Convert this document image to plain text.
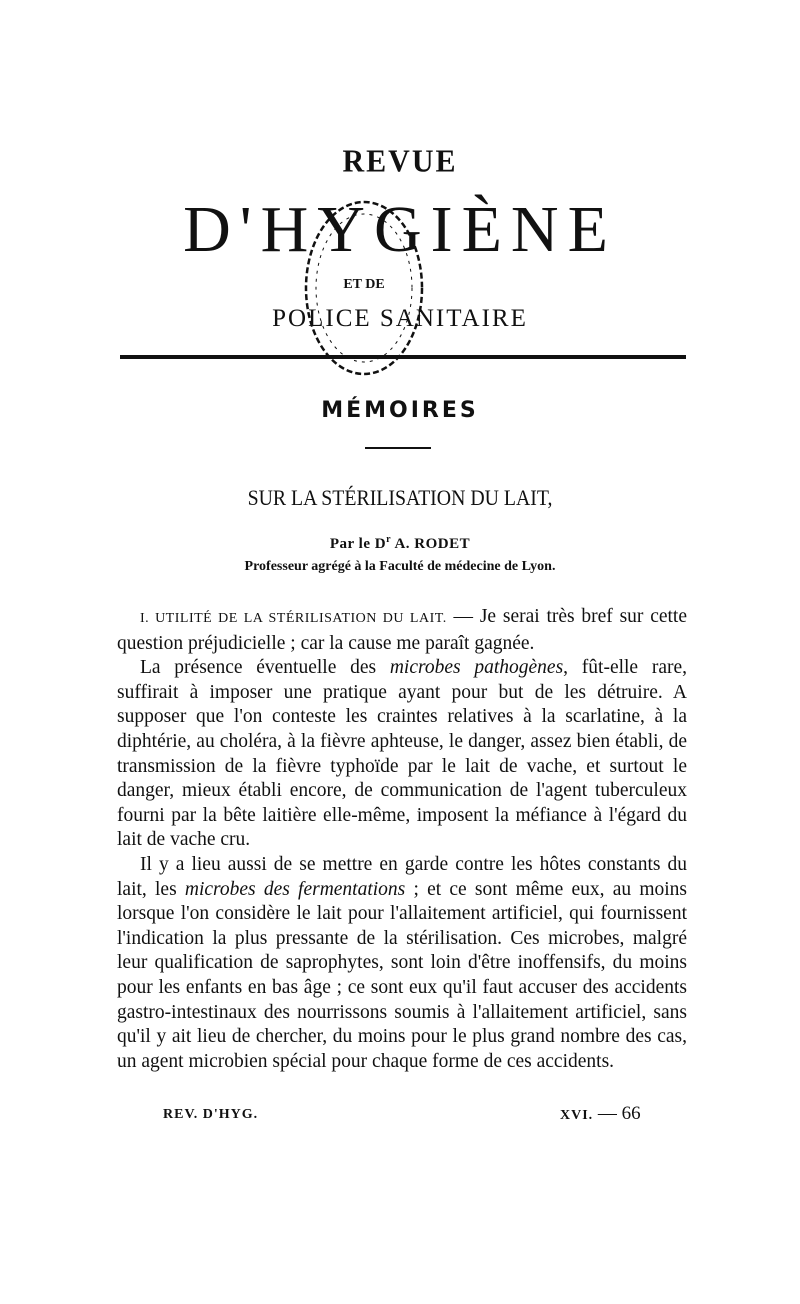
REVUE
D'HYGIÈNE
POLICE SANITAIRE
ET DE
MÉMOIRES
SUR LA STÉRILISATION DU LAIT,
Par le $D^r$ A. RODET
Professeur agrégé à la Faculté de médecine de Lyon.

I. UTILITÉ DE LA STÉRILISATION DU LAIT. — Je serai très bref sur cette question préjudicielle ; car la cause me paraît gagnée.

La présence éventuelle des microbes pathogènes, fût-elle rare, suffirait à imposer une pratique ayant pour but de les détruire. A supposer que l'on conteste les craintes relatives à la scarlatine, à la diphtérie, au choléra, à la fièvre aphteuse, le danger, assez bien établi, de transmission de la fièvre typhoïde par le lait de vache, et surtout le danger, mieux établi encore, de communication de l'agent tuberculeux fourni par la bête laitière elle-même, imposent la méfiance à l'égard du lait de vache cru.

Il y a lieu aussi de se mettre en garde contre les hôtes constants du lait, les microbes des fermentations ; et ce sont même eux, au moins lorsque l'on considère le lait pour l'allaitement artificiel, qui fournissent l'indication la plus pressante de la stérilisation. Ces microbes, malgré leur qualification de saprophytes, sont loin d'être inoffensifs, du moins pour les enfants en bas âge ; ce sont eux qu'il faut accuser des accidents gastro-intestinaux des nourrissons soumis à l'allaitement artificiel, sans qu'il y ait lieu de chercher, du moins pour le plus grand nombre des cas, un agent microbien spécial pour chaque forme de ces accidents.

REV. D'HYG.	XVI. — 66
